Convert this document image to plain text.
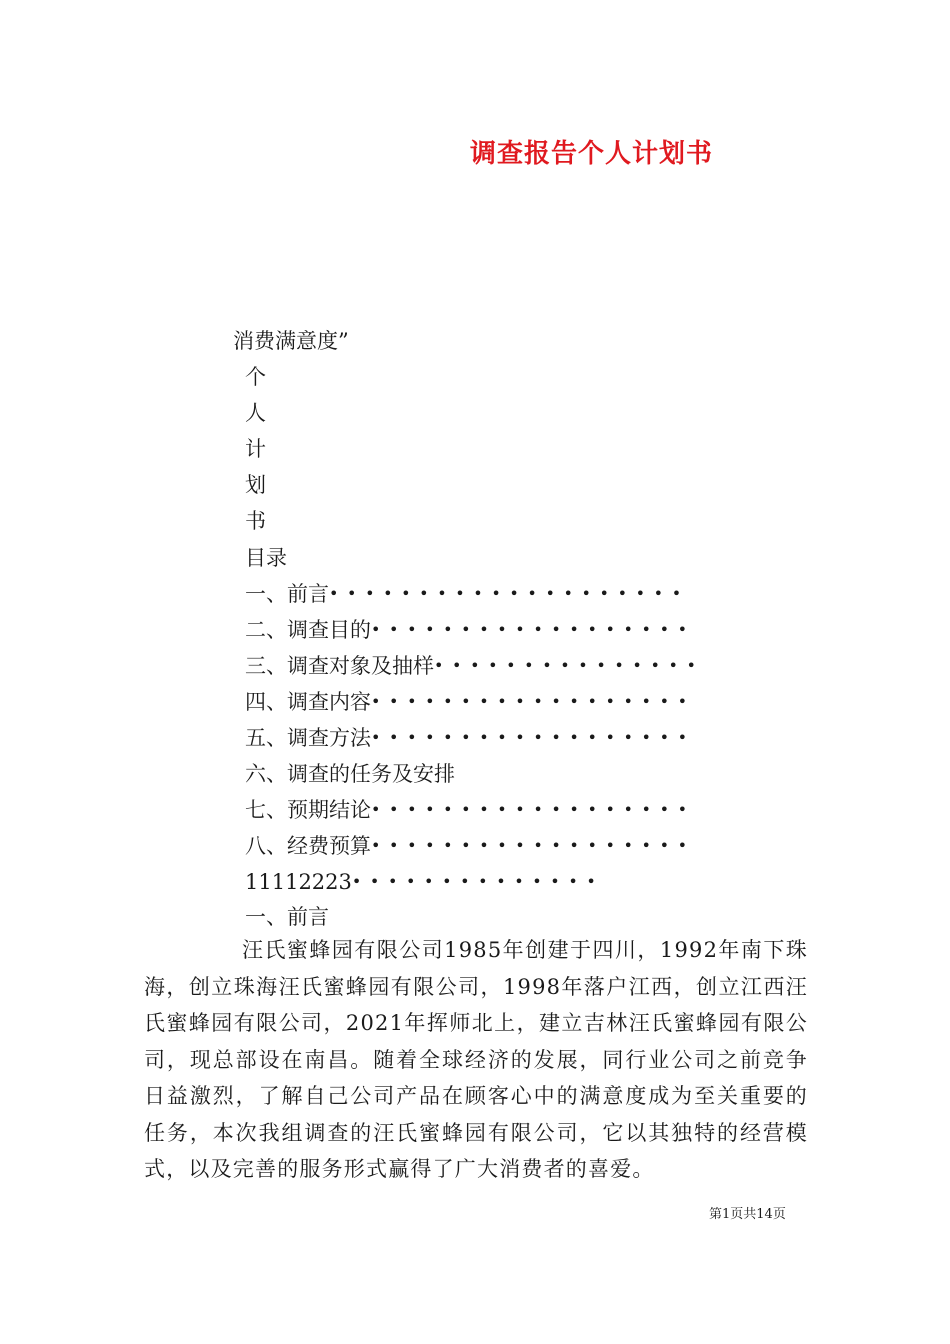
调查报告个人计划书
消费满意度”
个
人
计
划
书
目录
一、前言••••••••••••••••••••
二、调查目的••••••••••••••••••
三、调查对象及抽样•••••••••••••••
四、调查内容••••••••••••••••••
五、调查方法••••••••••••••••••
六、调查的任务及安排
七、预期结论••••••••••••••••••
八、经费预算••••••••••••••••••
11112223••••••••••••••
一、前言

汪氏蜜蜂园有限公司1985年创建于四川，1992年南下珠海，创立珠海汪氏蜜蜂园有限公司，1998年落户江西，创立江西汪氏蜜蜂园有限公司，2021年挥师北上，建立吉林汪氏蜜蜂园有限公司，现总部设在南昌。随着全球经济的发展，同行业公司之前竞争日益激烈，了解自己公司产品在顾客心中的满意度成为至关重要的任务，本次我组调查的汪氏蜜蜂园有限公司，它以其独特的经营模式，以及完善的服务形式赢得了广大消费者的喜爱。

第1页共14页
